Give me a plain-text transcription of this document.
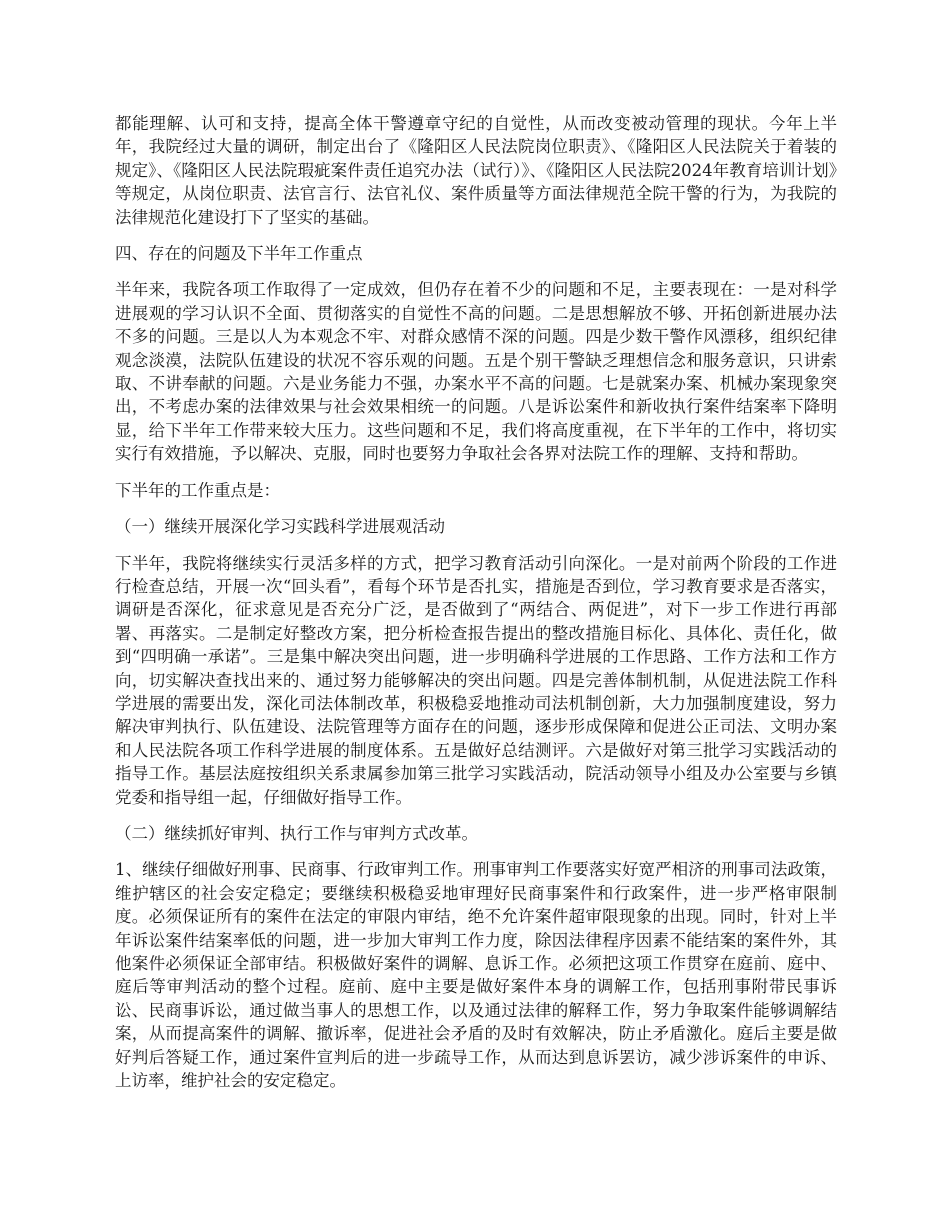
都能理解、认可和支持，提高全体干警遵章守纪的自觉性，从而改变被动管理的现状。今年上半年，我院经过大量的调研，制定出台了《隆阳区人民法院岗位职责》、《隆阳区人民法院关于着装的规定》、《隆阳区人民法院瑕疵案件责任追究办法（试行）》、《隆阳区人民法院2024年教育培训计划》等规定，从岗位职责、法官言行、法官礼仪、案件质量等方面法律规范全院干警的行为，为我院的法律规范化建设打下了坚实的基础。

四、存在的问题及下半年工作重点

半年来，我院各项工作取得了一定成效，但仍存在着不少的问题和不足，主要表现在：一是对科学进展观的学习认识不全面、贯彻落实的自觉性不高的问题。二是思想解放不够、开拓创新进展办法不多的问题。三是以人为本观念不牢、对群众感情不深的问题。四是少数干警作风漂移，组织纪律观念淡漠，法院队伍建设的状况不容乐观的问题。五是个别干警缺乏理想信念和服务意识，只讲索取、不讲奉献的问题。六是业务能力不强，办案水平不高的问题。七是就案办案、机械办案现象突出，不考虑办案的法律效果与社会效果相统一的问题。八是诉讼案件和新收执行案件结案率下降明显，给下半年工作带来较大压力。这些问题和不足，我们将高度重视，在下半年的工作中，将切实实行有效措施，予以解决、克服，同时也要努力争取社会各界对法院工作的理解、支持和帮助。

下半年的工作重点是：

（一）继续开展深化学习实践科学进展观活动

下半年，我院将继续实行灵活多样的方式，把学习教育活动引向深化。一是对前两个阶段的工作进行检查总结，开展一次“回头看”，看每个环节是否扎实，措施是否到位，学习教育要求是否落实，调研是否深化，征求意见是否充分广泛，是否做到了“两结合、两促进”，对下一步工作进行再部署、再落实。二是制定好整改方案，把分析检查报告提出的整改措施目标化、具体化、责任化，做到“四明确一承诺”。三是集中解决突出问题，进一步明确科学进展的工作思路、工作方法和工作方向，切实解决查找出来的、通过努力能够解决的突出问题。四是完善体制机制，从促进法院工作科学进展的需要出发，深化司法体制改革，积极稳妥地推动司法机制创新，大力加强制度建设，努力解决审判执行、队伍建设、法院管理等方面存在的问题，逐步形成保障和促进公正司法、文明办案和人民法院各项工作科学进展的制度体系。五是做好总结测评。六是做好对第三批学习实践活动的指导工作。基层法庭按组织关系隶属参加第三批学习实践活动，院活动领导小组及办公室要与乡镇党委和指导组一起，仔细做好指导工作。

（二）继续抓好审判、执行工作与审判方式改革。

1、继续仔细做好刑事、民商事、行政审判工作。刑事审判工作要落实好宽严相济的刑事司法政策，维护辖区的社会安定稳定；要继续积极稳妥地审理好民商事案件和行政案件，进一步严格审限制度。必须保证所有的案件在法定的审限内审结，绝不允许案件超审限现象的出现。同时，针对上半年诉讼案件结案率低的问题，进一步加大审判工作力度，除因法律程序因素不能结案的案件外，其他案件必须保证全部审结。积极做好案件的调解、息诉工作。必须把这项工作贯穿在庭前、庭中、庭后等审判活动的整个过程。庭前、庭中主要是做好案件本身的调解工作，包括刑事附带民事诉讼、民商事诉讼，通过做当事人的思想工作，以及通过法律的解释工作，努力争取案件能够调解结案，从而提高案件的调解、撤诉率，促进社会矛盾的及时有效解决，防止矛盾激化。庭后主要是做好判后答疑工作，通过案件宣判后的进一步疏导工作，从而达到息诉罢访，减少涉诉案件的申诉、上访率，维护社会的安定稳定。
